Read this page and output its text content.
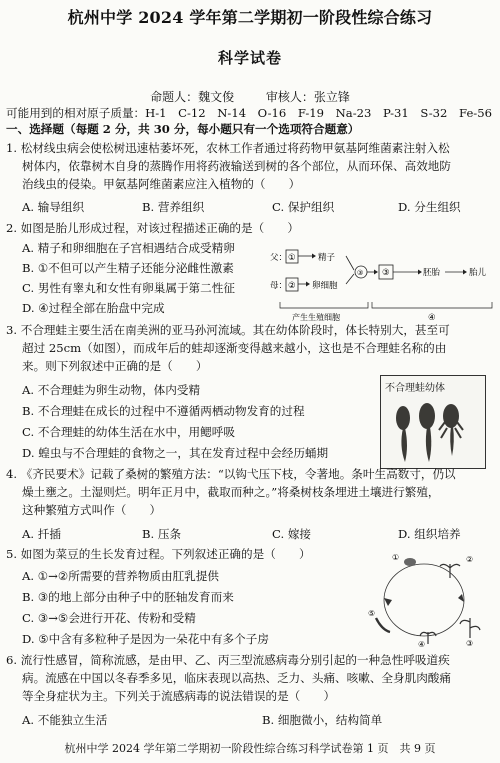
杭州中学 2024 学年第二学期初一阶段性综合练习
科学试卷
命题人：魏文俊	审核人：张立锋
可能用到的相对原子质量：H-1　C-12　N-14　O-16　F-19　Na-23　P-31　S-32　Fe-56
一、选择题（每题 2 分，共 30 分，每小题只有一个选项符合题意）
1. 松材线虫病会使松树迅速枯萎坏死，农林工作者通过将药物甲氨基阿维菌素注射入松
树体内，依靠树木自身的蒸腾作用将药液输送到树的各个部位，从而环保、高效地防
治线虫的侵染。甲氨基阿维菌素应注入植物的（　　）
A. 输导组织	B. 营养组织	C. 保护组织	D. 分生组织
2. 如图是胎儿形成过程，对该过程描述正确的是（　　）
A. 精子和卵细胞在子宫相遇结合成受精卵
B. ①不但可以产生精子还能分泌雌性激素
C. 男性有睾丸和女性有卵巢属于第二性征
D. ④过程全部在胎盘中完成
父：
母：
①	精子
② 卵细胞
③ ③	胚胎	胎儿
产生生殖细胞	④
3. 不合理蛙主要生活在南美洲的亚马孙河流域。其在幼体阶段时，体长特别大，甚至可
超过 25cm（如图），而成年后的蛙却逐渐变得越来越小，这也是不合理蛙名称的由
来。则下列叙述中正确的是（　　）
A. 不合理蛙为卵生动物，体内受精
B. 不合理蛙在成长的过程中不遵循两栖动物发育的过程
C. 不合理蛙的幼体生活在水中，用鳃呼吸
D. 蝗虫与不合理蛙的食物之一，其在发育过程中会经历蛹期
不合理蛙幼体
4. 《齐民要术》记载了桑树的繁殖方法：“以钩弋压下枝，令著地。条叶生高数寸，仍以
燥土壅之。土湿则烂。明年正月中，截取而种之。”将桑树枝条埋进土壤进行繁殖，
这种繁殖方式叫作（　　）
A. 扦插	B. 压条	C. 嫁接	D. 组织培养
5. 如图为菜豆的生长发育过程。下列叙述正确的是（　　）
A. ①→②所需要的营养物质由肛乳提供
B. ③的地上部分由种子中的胚轴发育而来
C. ③→⑤会进行开花、传粉和受精
D. ⑤中含有多粒种子是因为一朵花中有多个子房
①	②
③
④
⑤
6. 流行性感冒，简称流感，是由甲、乙、丙三型流感病毒分别引起的一种急性呼吸道疾
病。流感在中国以冬春季多见，临床表现以高热、乏力、头痛、咳嗽、全身肌肉酸痛
等全身症状为主。下列关于流感病毒的说法错误的是（　　）
A. 不能独立生活	B. 细胞微小，结构简单
杭州中学 2024 学年第二学期初一阶段性综合练习科学试卷第 1 页　共 9 页
